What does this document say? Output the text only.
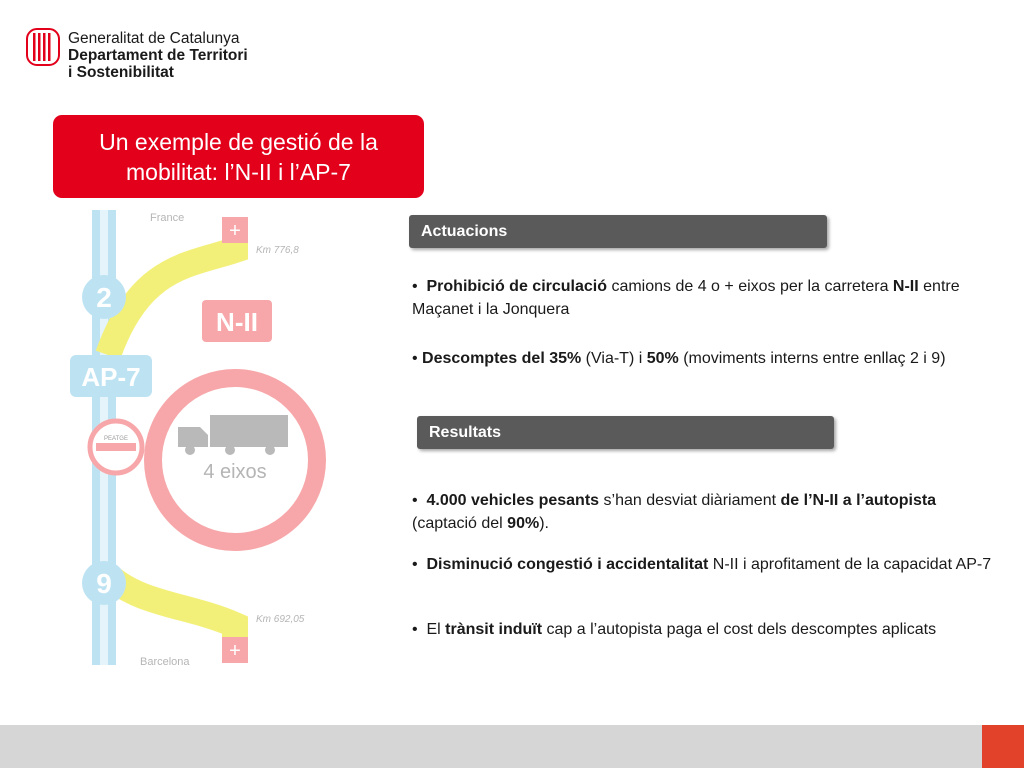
Generalitat de Catalunya
Departament de Territori
i Sostenibilitat
Un exemple de gestió de la
mobilitat: l’N-II i l’AP-7
+
+
France
Km 776,8
Km 692,05
Barcelona
2
9
AP-7
N-II
PEATGE
4 eixos
Actuacions
•  Prohibició de circulació camions de 4 o + eixos per la carretera N-II entre Maçanet i la Jonquera
• Descomptes del 35% (Via-T) i 50% (moviments interns entre enllaç 2 i 9)
Resultats
•  4.000 vehicles pesants s’han desviat diàriament de l’N-II a l’autopista (captació del 90%).
•  Disminució congestió i accidentalitat N-II i aprofitament de la capacidat AP-7
•  El trànsit induït cap a l’autopista paga el cost dels descomptes aplicats
